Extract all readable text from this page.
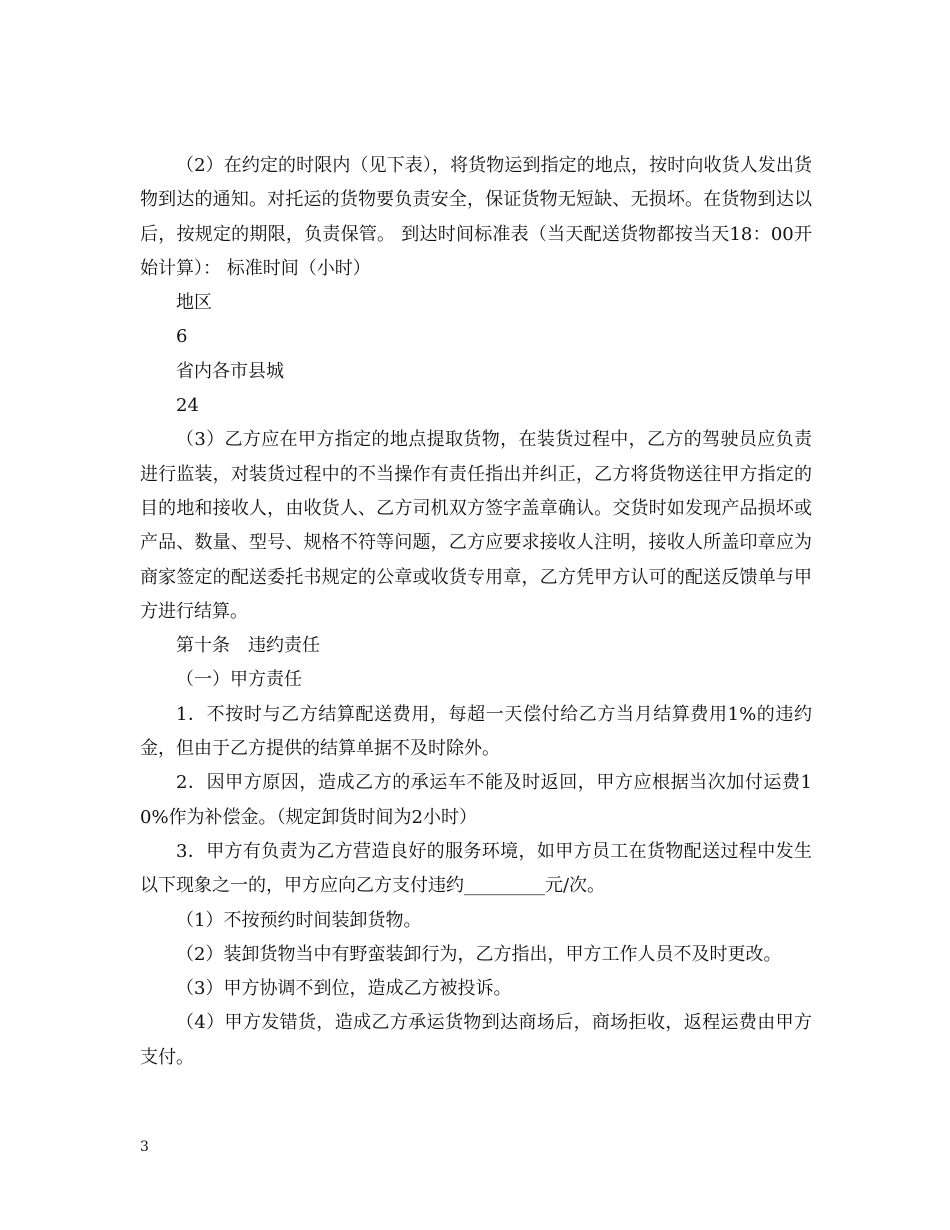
（2）在约定的时限内（见下表），将货物运到指定的地点，按时向收货人发出货物到达的通知。对托运的货物要负责安全，保证货物无短缺、无损坏。在货物到达以后，按规定的期限，负责保管。 到达时间标准表（当天配送货物都按当天18：00开始计算）： 标准时间（小时）

地区

6

省内各市县城

24

（3）乙方应在甲方指定的地点提取货物，在装货过程中，乙方的驾驶员应负责进行监装，对装货过程中的不当操作有责任指出并纠正，乙方将货物送往甲方指定的目的地和接收人，由收货人、乙方司机双方签字盖章确认。交货时如发现产品损坏或产品、数量、型号、规格不符等问题，乙方应要求接收人注明，接收人所盖印章应为商家签定的配送委托书规定的公章或收货专用章，乙方凭甲方认可的配送反馈单与甲方进行结算。

第十条　违约责任

（一）甲方责任

1．不按时与乙方结算配送费用，每超一天偿付给乙方当月结算费用1%的违约金，但由于乙方提供的结算单据不及时除外。

2．因甲方原因，造成乙方的承运车不能及时返回，甲方应根据当次加付运费10%作为补偿金。（规定卸货时间为2小时）

3．甲方有负责为乙方营造良好的服务环境，如甲方员工在货物配送过程中发生以下现象之一的，甲方应向乙方支付违约_________元/次。

（1）不按预约时间装卸货物。

（2）装卸货物当中有野蛮装卸行为，乙方指出，甲方工作人员不及时更改。

（3）甲方协调不到位，造成乙方被投诉。

（4）甲方发错货，造成乙方承运货物到达商场后，商场拒收，返程运费由甲方支付。

3
